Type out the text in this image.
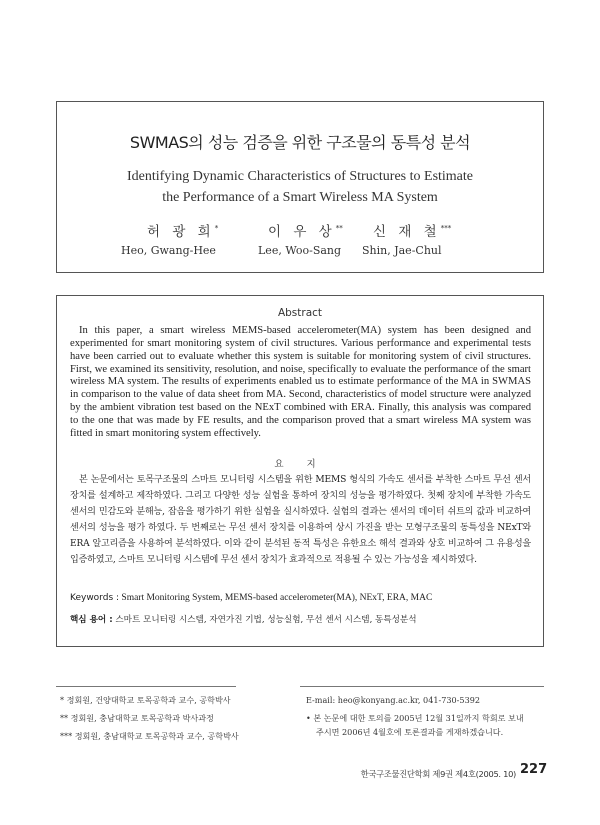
SWMAS의 성능 검증을 위한 구조물의 동특성 분석
Identifying Dynamic Characteristics of Structures to Estimate
the Performance of a Smart Wireless MA System
허 광 희*	이 우 상** 신 재 철***
Heo, Gwang-Hee	Lee, Woo-Sang Shin, Jae-Chul
Abstract
In this paper, a smart wireless MEMS-based accelerometer(MA) system has been designed and experimented for smart monitoring system of civil structures. Various performance and experimental tests have been carried out to evaluate whether this system is suitable for monitoring system of civil structures. First, we examined its sensitivity, resolution, and noise, specifically to evaluate the performance of the smart wireless MA system. The results of experiments enabled us to estimate performance of the MA in SWMAS in comparison to the value of data sheet from MA. Second, characteristics of model structure were analyzed by the ambient vibration test based on the NExT combined with ERA. Finally, this analysis was compared to the one that was made by FE results, and the comparison proved that a smart wireless MA system was fitted in smart monitoring system effectively.
요 지
본 논문에서는 토목구조물의 스마트 모니터링 시스템을 위한 MEMS 형식의 가속도 센서를 부착한 스마트 무선 센서 장치를 설계하고 제작하였다. 그리고 다양한 성능 실험을 통하여 장치의 성능을 평가하였다. 첫째 장치에 부착한 가속도 센서의 민감도와 분해능, 잡음을 평가하기 위한 실험을 실시하였다. 실험의 결과는 센서의 데이터 쉬트의 값과 비교하여 센서의 성능을 평가 하였다. 두 번째로는 무선 센서 장치를 이용하여 상시 가진을 받는 모형구조물의 동특성을 NExT와 ERA 알고리즘을 사용하여 분석하였다. 이와 같이 분석된 동적 특성은 유한요소 해석 결과와 상호 비교하여 그 유용성을 입증하였고, 스마트 모니터링 시스템에 무선 센서 장치가 효과적으로 적용될 수 있는 가능성을 제시하였다.
Keywords : Smart Monitoring System, MEMS-based accelerometer(MA), NExT, ERA, MAC
핵심 용어 : 스마트 모니터링 시스템, 자연가진 기법, 성능실험, 무선 센서 시스템, 동특성분석
* 정회원, 건양대학교 토목공학과 교수, 공학박사
** 정회원, 충남대학교 토목공학과 박사과정
*** 정회원, 충남대학교 토목공학과 교수, 공학박사
E-mail: heo@konyang.ac.kr, 041-730-5392
• 본 논문에 대한 토의를 2005년 12월 31일까지 학회로 보내
주시면 2006년 4월호에 토론결과를 게재하겠습니다.
한국구조물진단학회 제9권 제4호(2005. 10) 227
